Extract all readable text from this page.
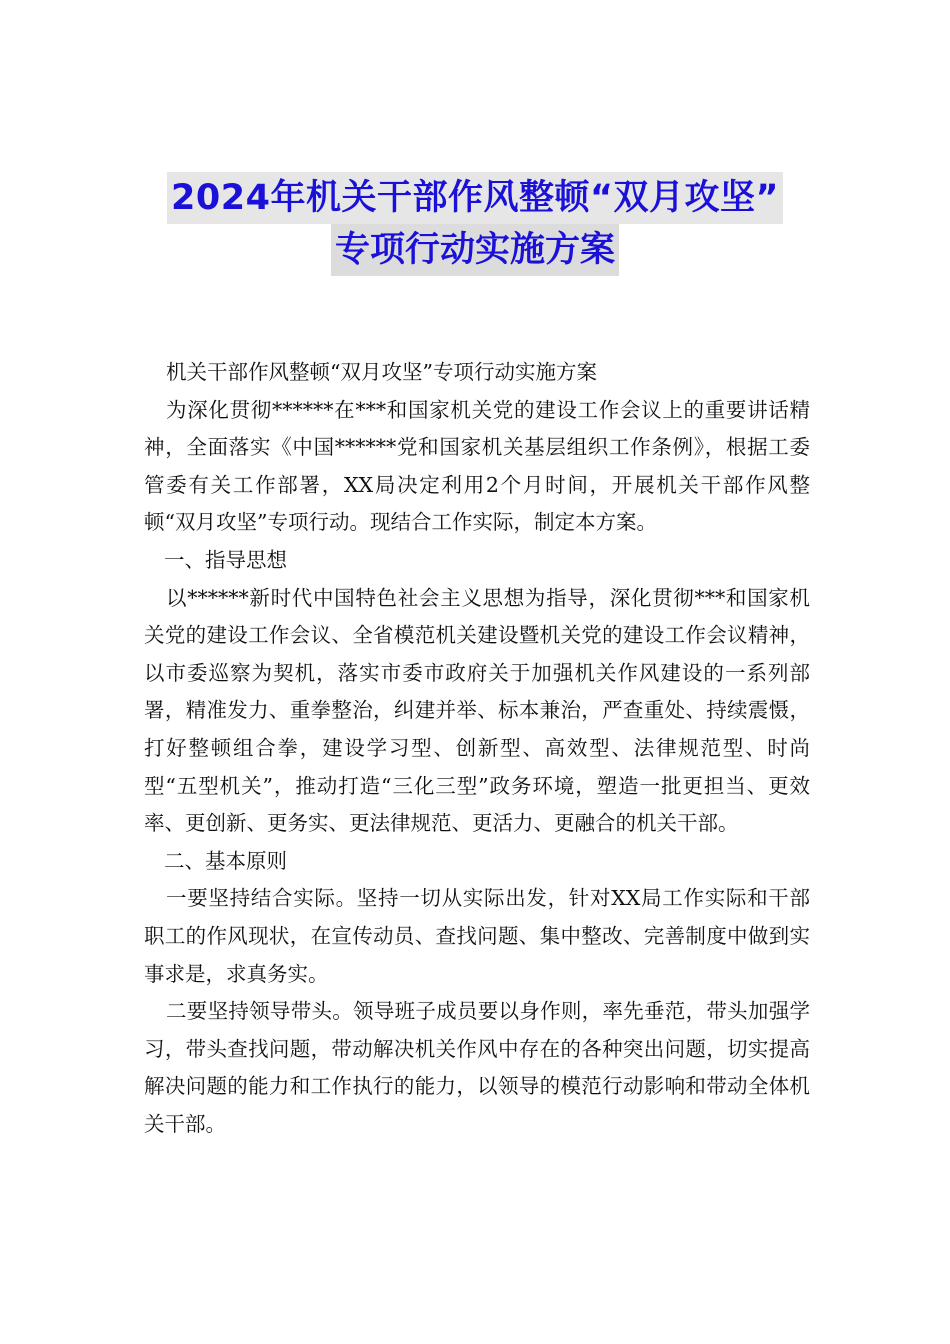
2024年机关干部作风整顿“双月攻坚”
专项行动实施方案

机关干部作风整顿“双月攻坚”专项行动实施方案

为深化贯彻******在***和国家机关党的建设工作会议上的重要讲话精神，全面落实《中国******党和国家机关基层组织工作条例》，根据工委管委有关工作部署，XX局决定利用2个月时间，开展机关干部作风整顿“双月攻坚”专项行动。现结合工作实际，制定本方案。

一、指导思想

以******新时代中国特色社会主义思想为指导，深化贯彻***和国家机关党的建设工作会议、全省模范机关建设暨机关党的建设工作会议精神，以市委巡察为契机，落实市委市政府关于加强机关作风建设的一系列部署，精准发力、重拳整治，纠建并举、标本兼治，严查重处、持续震慑，打好整顿组合拳，建设学习型、创新型、高效型、法律规范型、时尚型“五型机关”，推动打造“三化三型”政务环境，塑造一批更担当、更效率、更创新、更务实、更法律规范、更活力、更融合的机关干部。

二、基本原则

一要坚持结合实际。坚持一切从实际出发，针对XX局工作实际和干部职工的作风现状，在宣传动员、查找问题、集中整改、完善制度中做到实事求是，求真务实。

二要坚持领导带头。领导班子成员要以身作则，率先垂范，带头加强学习，带头查找问题，带动解决机关作风中存在的各种突出问题，切实提高解决问题的能力和工作执行的能力，以领导的模范行动影响和带动全体机关干部。
